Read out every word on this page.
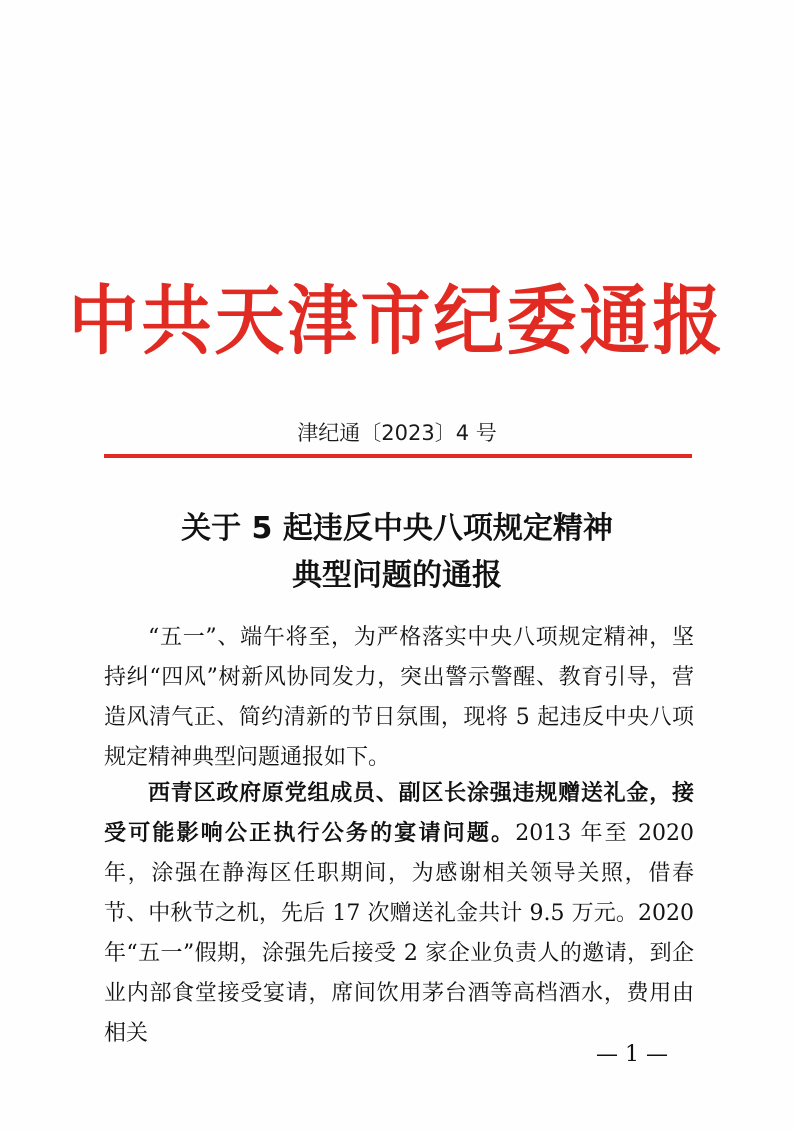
中共天津市纪委通报
津纪通〔2023〕4 号
关于 5 起违反中央八项规定精神
典型问题的通报

“五一”、端午将至，为严格落实中央八项规定精神，坚持纠“四风”树新风协同发力，突出警示警醒、教育引导，营造风清气正、简约清新的节日氛围，现将 5 起违反中央八项规定精神典型问题通报如下。

西青区政府原党组成员、副区长涂强违规赠送礼金，接受可能影响公正执行公务的宴请问题。2013 年至 2020 年，涂强在静海区任职期间，为感谢相关领导关照，借春节、中秋节之机，先后 17 次赠送礼金共计 9.5 万元。2020 年“五一”假期，涂强先后接受 2 家企业负责人的邀请，到企业内部食堂接受宴请，席间饮用茅台酒等高档酒水，费用由相关

— 1 —
